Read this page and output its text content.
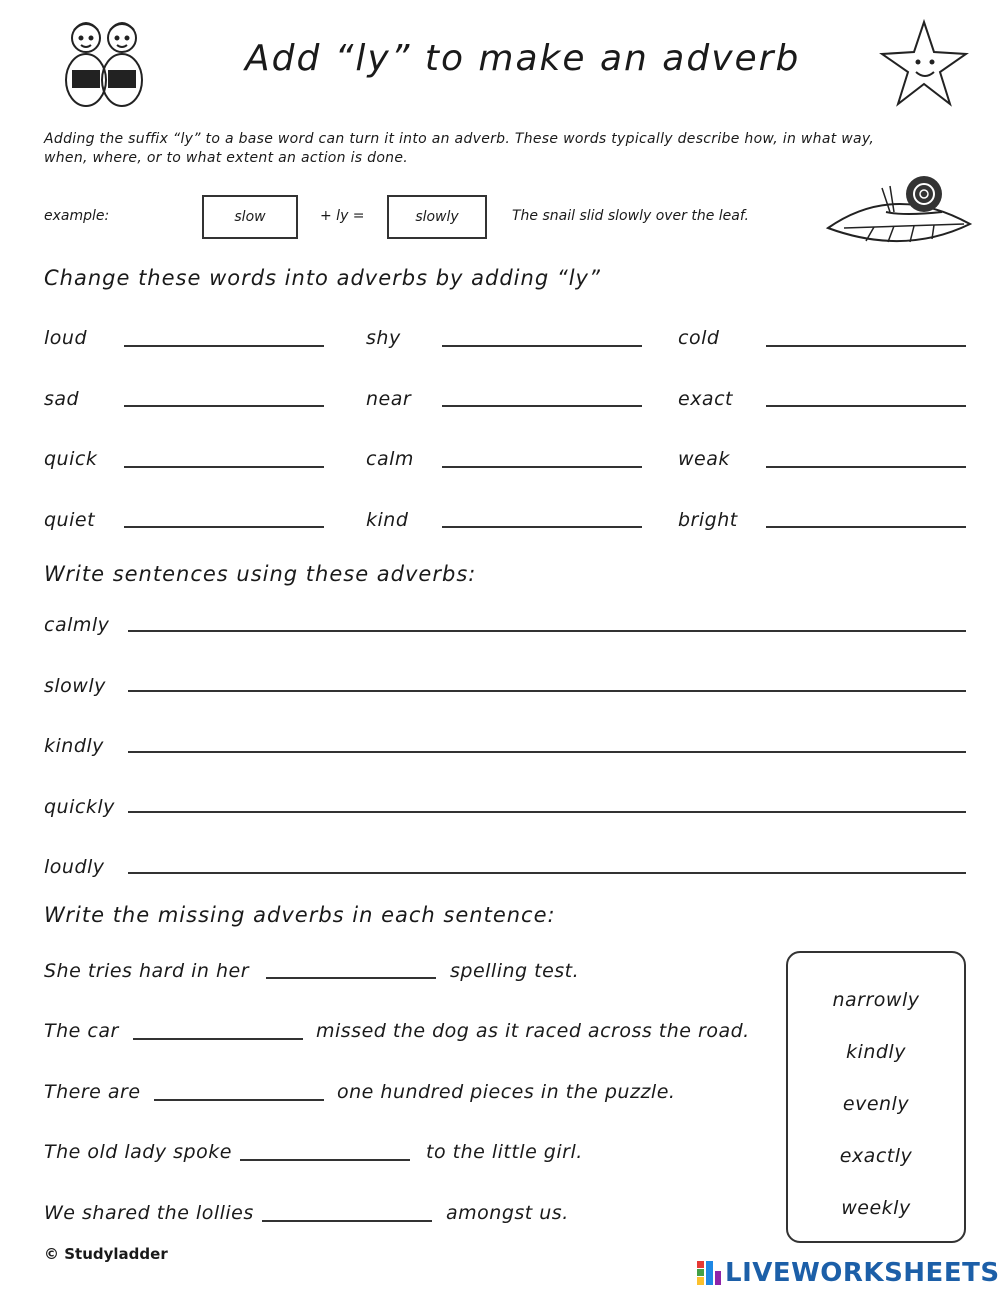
Add “ly” to make an adverb
Adding the suffix “ly” to a base word can turn it into an adverb. These words typically describe how, in what way, when, where, or to what extent an action is done.
example:	slow	+ ly =	slowly	The snail slid slowly over the leaf.
Change these words into adverbs by adding “ly”
loud	shy	cold
sad	near	exact
quick	calm	weak
quiet	kind	bright
Write sentences using these adverbs:
calmly
slowly
kindly
quickly
loudly
Write the missing adverbs in each sentence:
She tries hard in her	spelling test.
The car	missed the dog as it raced across the road.
There are	one hundred pieces in the puzzle.
The old lady spoke	to the little girl.
We shared the lollies	amongst us.
narrowly
kindly
evenly
exactly
weekly
© Studyladder
LIVEWORKSHEETS
